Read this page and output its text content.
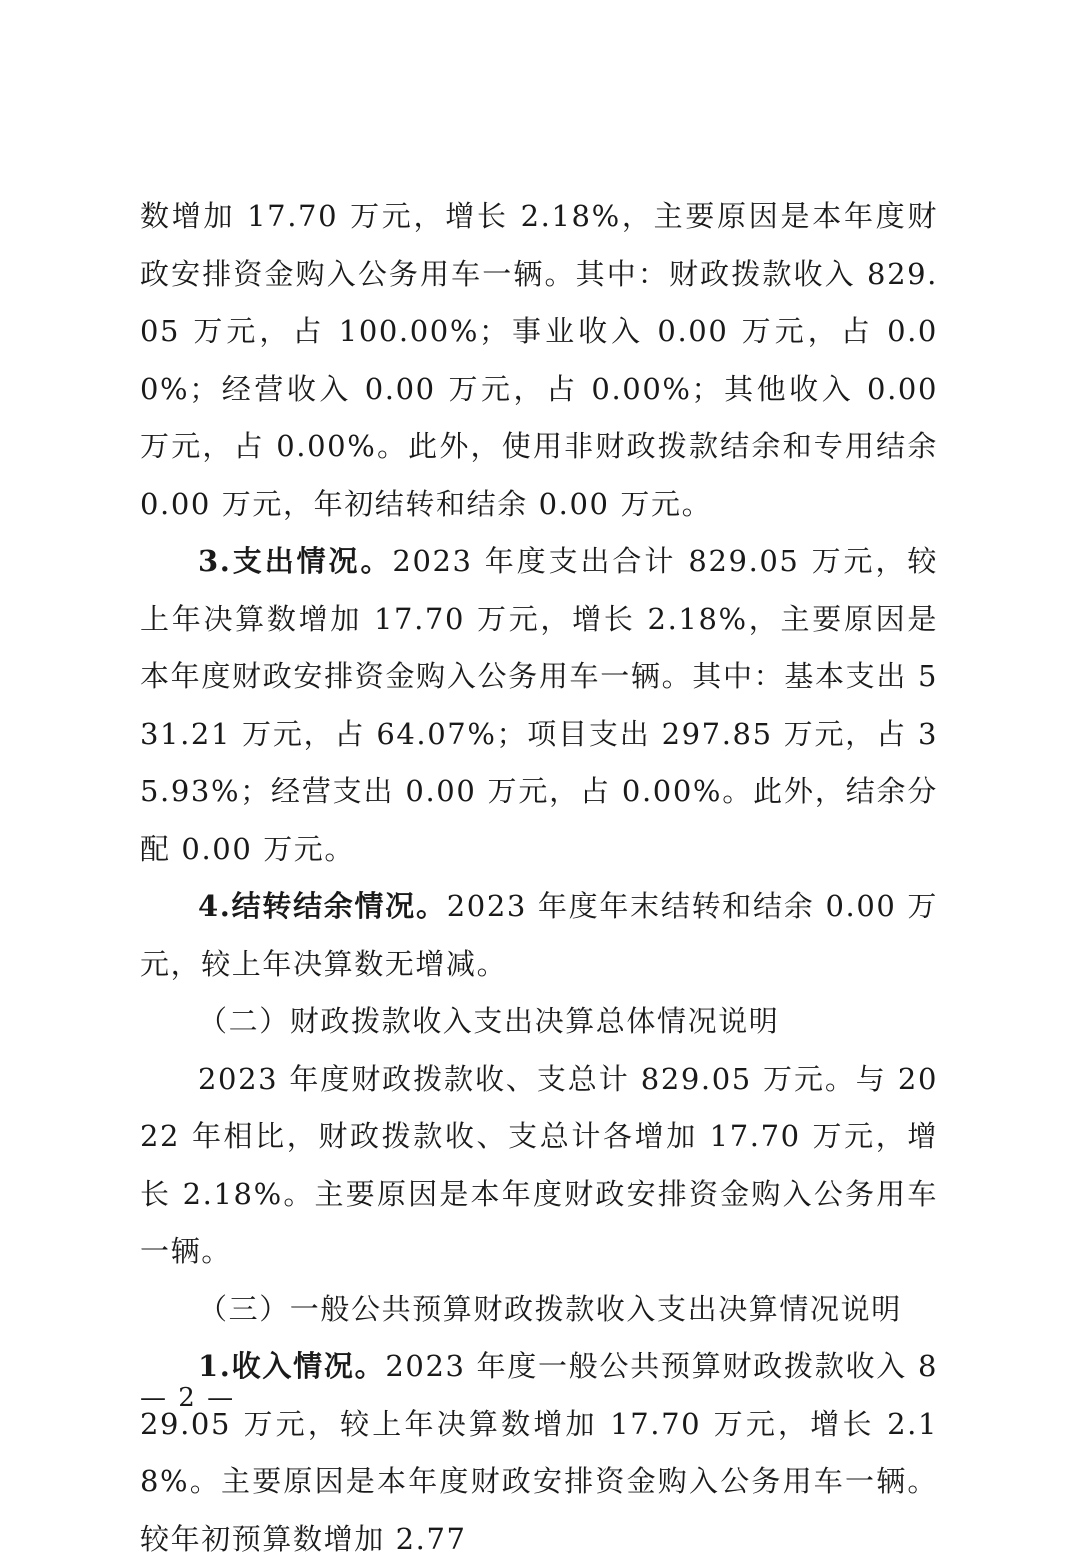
数增加 17.70 万元，增长 2.18%，主要原因是本年度财政安排资金购入公务用车一辆。其中：财政拨款收入 829.05 万元，占 100.00%；事业收入 0.00 万元，占 0.00%；经营收入 0.00 万元，占 0.00%；其他收入 0.00 万元，占 0.00%。此外，使用非财政拨款结余和专用结余 0.00 万元，年初结转和结余 0.00 万元。

3.支出情况。2023 年度支出合计 829.05 万元，较上年决算数增加 17.70 万元，增长 2.18%，主要原因是本年度财政安排资金购入公务用车一辆。其中：基本支出 531.21 万元，占 64.07%；项目支出 297.85 万元，占 35.93%；经营支出 0.00 万元，占 0.00%。此外，结余分配 0.00 万元。

4.结转结余情况。2023 年度年末结转和结余 0.00 万元，较上年决算数无增减。

（二）财政拨款收入支出决算总体情况说明

2023 年度财政拨款收、支总计 829.05 万元。与 2022 年相比，财政拨款收、支总计各增加 17.70 万元，增长 2.18%。主要原因是本年度财政安排资金购入公务用车一辆。

（三）一般公共预算财政拨款收入支出决算情况说明

1.收入情况。2023 年度一般公共预算财政拨款收入 829.05 万元，较上年决算数增加 17.70 万元，增长 2.18%。主要原因是本年度财政安排资金购入公务用车一辆。较年初预算数增加 2.77

— 2 —
